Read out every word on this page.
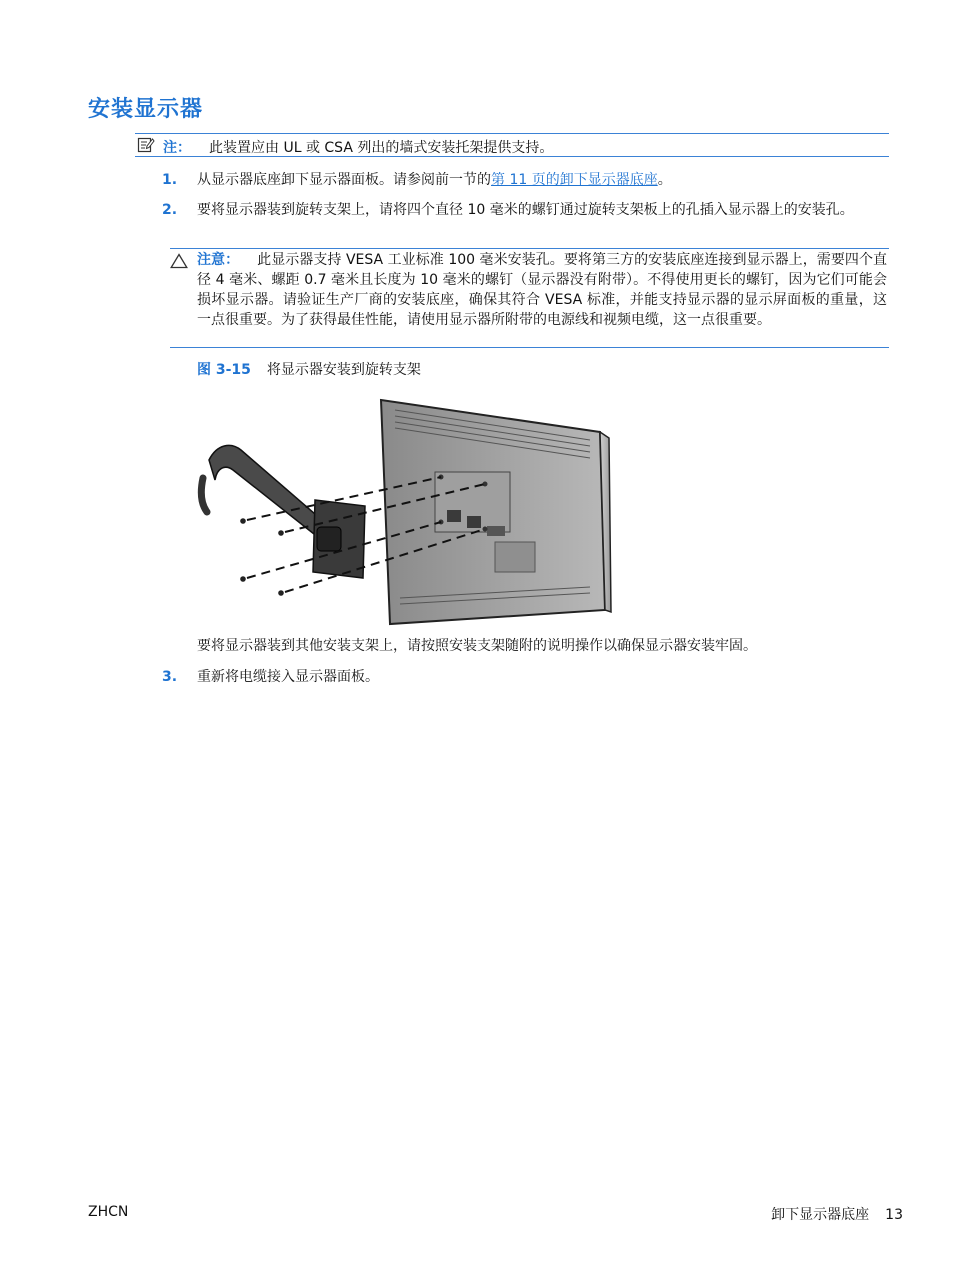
安装显示器
注： 此装置应由 UL 或 CSA 列出的墙式安装托架提供支持。
1. 从显示器底座卸下显示器面板。请参阅前一节的第 11 页的卸下显示器底座。
2. 要将显示器装到旋转支架上，请将四个直径 10 毫米的螺钉通过旋转支架板上的孔插入显示器上的安装孔。
注意： 此显示器支持 VESA 工业标准 100 毫米安装孔。要将第三方的安装底座连接到显示器上，需要四个直径 4 毫米、螺距 0.7 毫米且长度为 10 毫米的螺钉（显示器没有附带）。不得使用更长的螺钉，因为它们可能会损坏显示器。请验证生产厂商的安装底座，确保其符合 VESA 标准，并能支持显示器的显示屏面板的重量，这一点很重要。为了获得最佳性能，请使用显示器所附带的电源线和视频电缆，这一点很重要。
图 3-15 将显示器安装到旋转支架
要将显示器装到其他安装支架上，请按照安装支架随附的说明操作以确保显示器安装牢固。
3. 重新将电缆接入显示器面板。
ZHCN	卸下显示器底座 13
